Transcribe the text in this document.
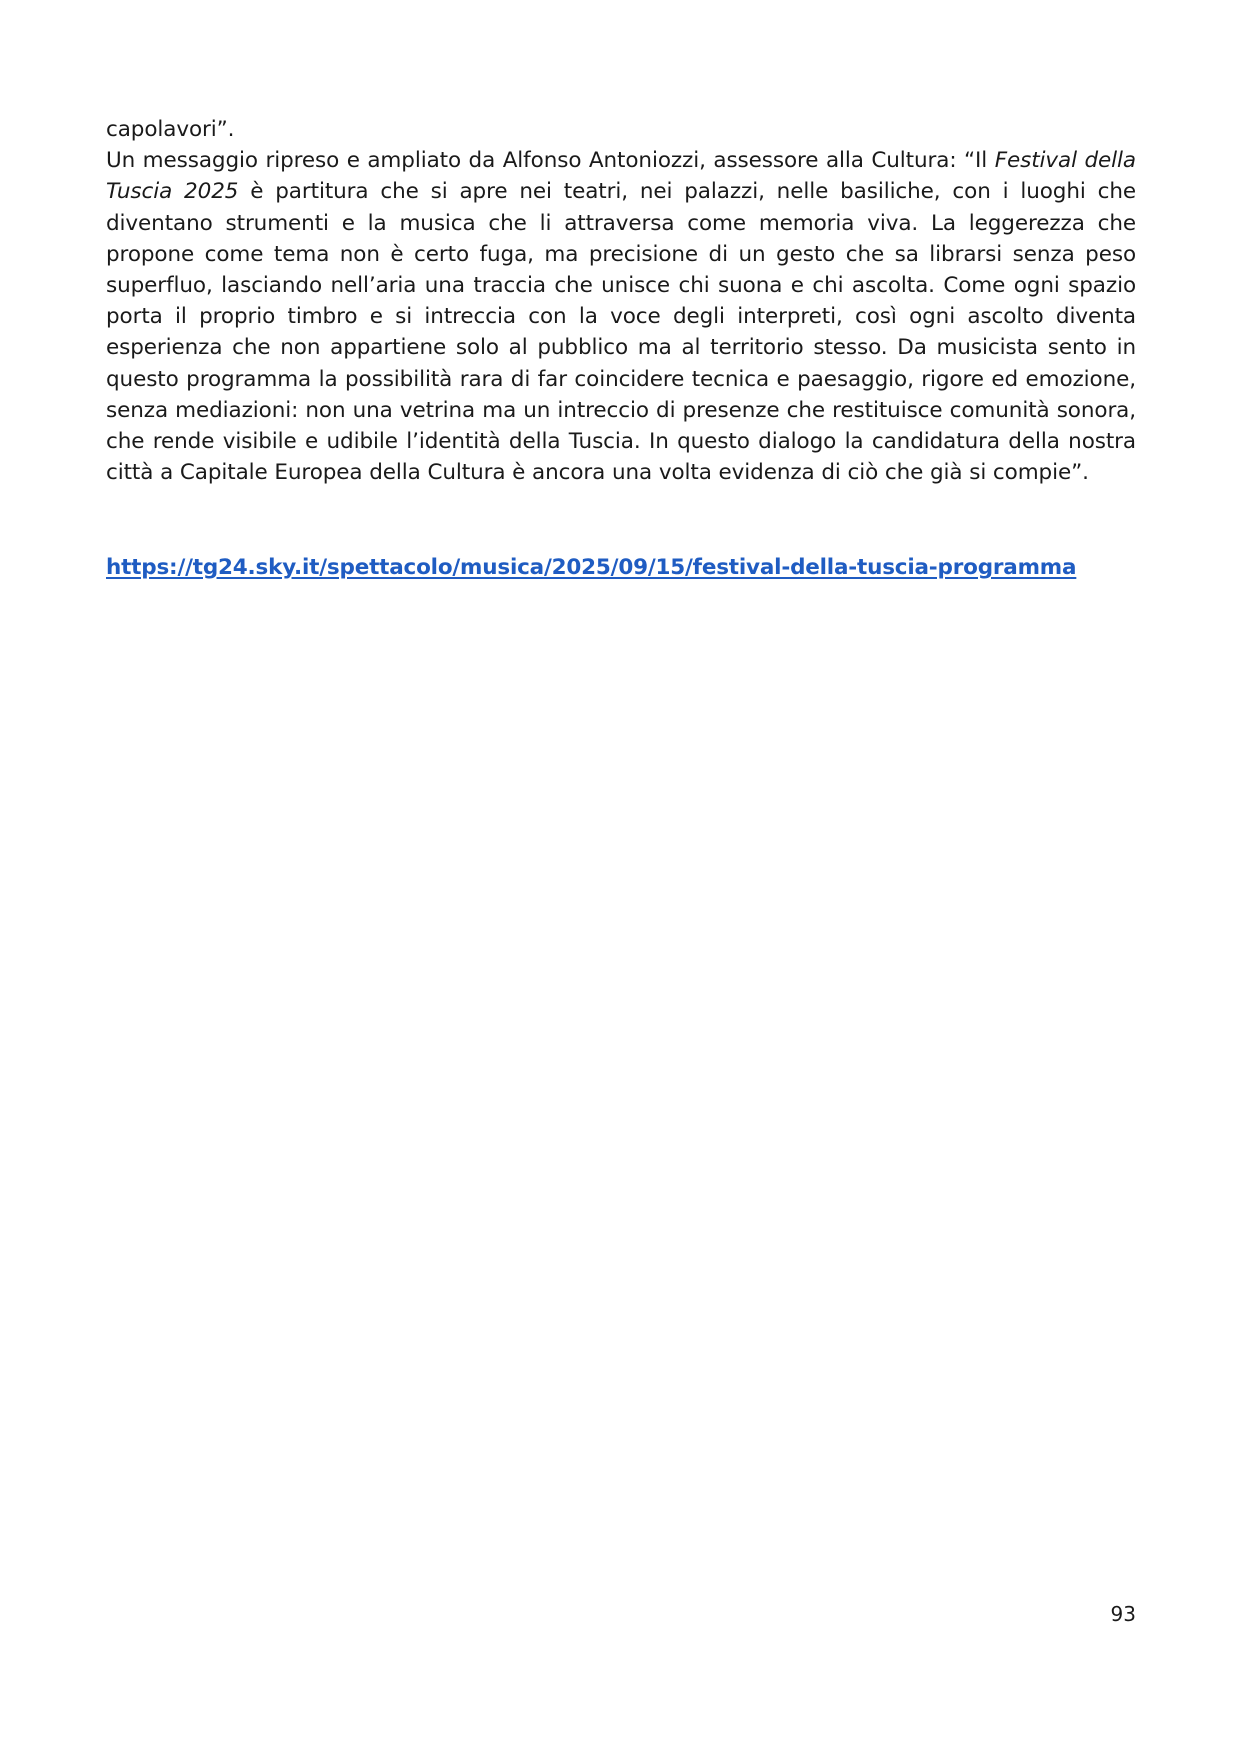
capolavori”.

Un messaggio ripreso e ampliato da Alfonso Antoniozzi, assessore alla Cultura: “Il Festival della Tuscia 2025 è partitura che si apre nei teatri, nei palazzi, nelle basiliche, con i luoghi che diventano strumenti e la musica che li attraversa come memoria viva. La leggerezza che propone come tema non è certo fuga, ma precisione di un gesto che sa librarsi senza peso superfluo, lasciando nell’aria una traccia che unisce chi suona e chi ascolta. Come ogni spazio porta il proprio timbro e si intreccia con la voce degli interpreti, così ogni ascolto diventa esperienza che non appartiene solo al pubblico ma al territorio stesso. Da musicista sento in questo programma la possibilità rara di far coincidere tecnica e paesaggio, rigore ed emozione, senza mediazioni: non una vetrina ma un intreccio di presenze che restituisce comunità sonora, che rende visibile e udibile l’identità della Tuscia. In questo dialogo la candidatura della nostra città a Capitale Europea della Cultura è ancora una volta evidenza di ciò che già si compie”.

https://tg24.sky.it/spettacolo/musica/2025/09/15/festival-della-tuscia-programma
93
